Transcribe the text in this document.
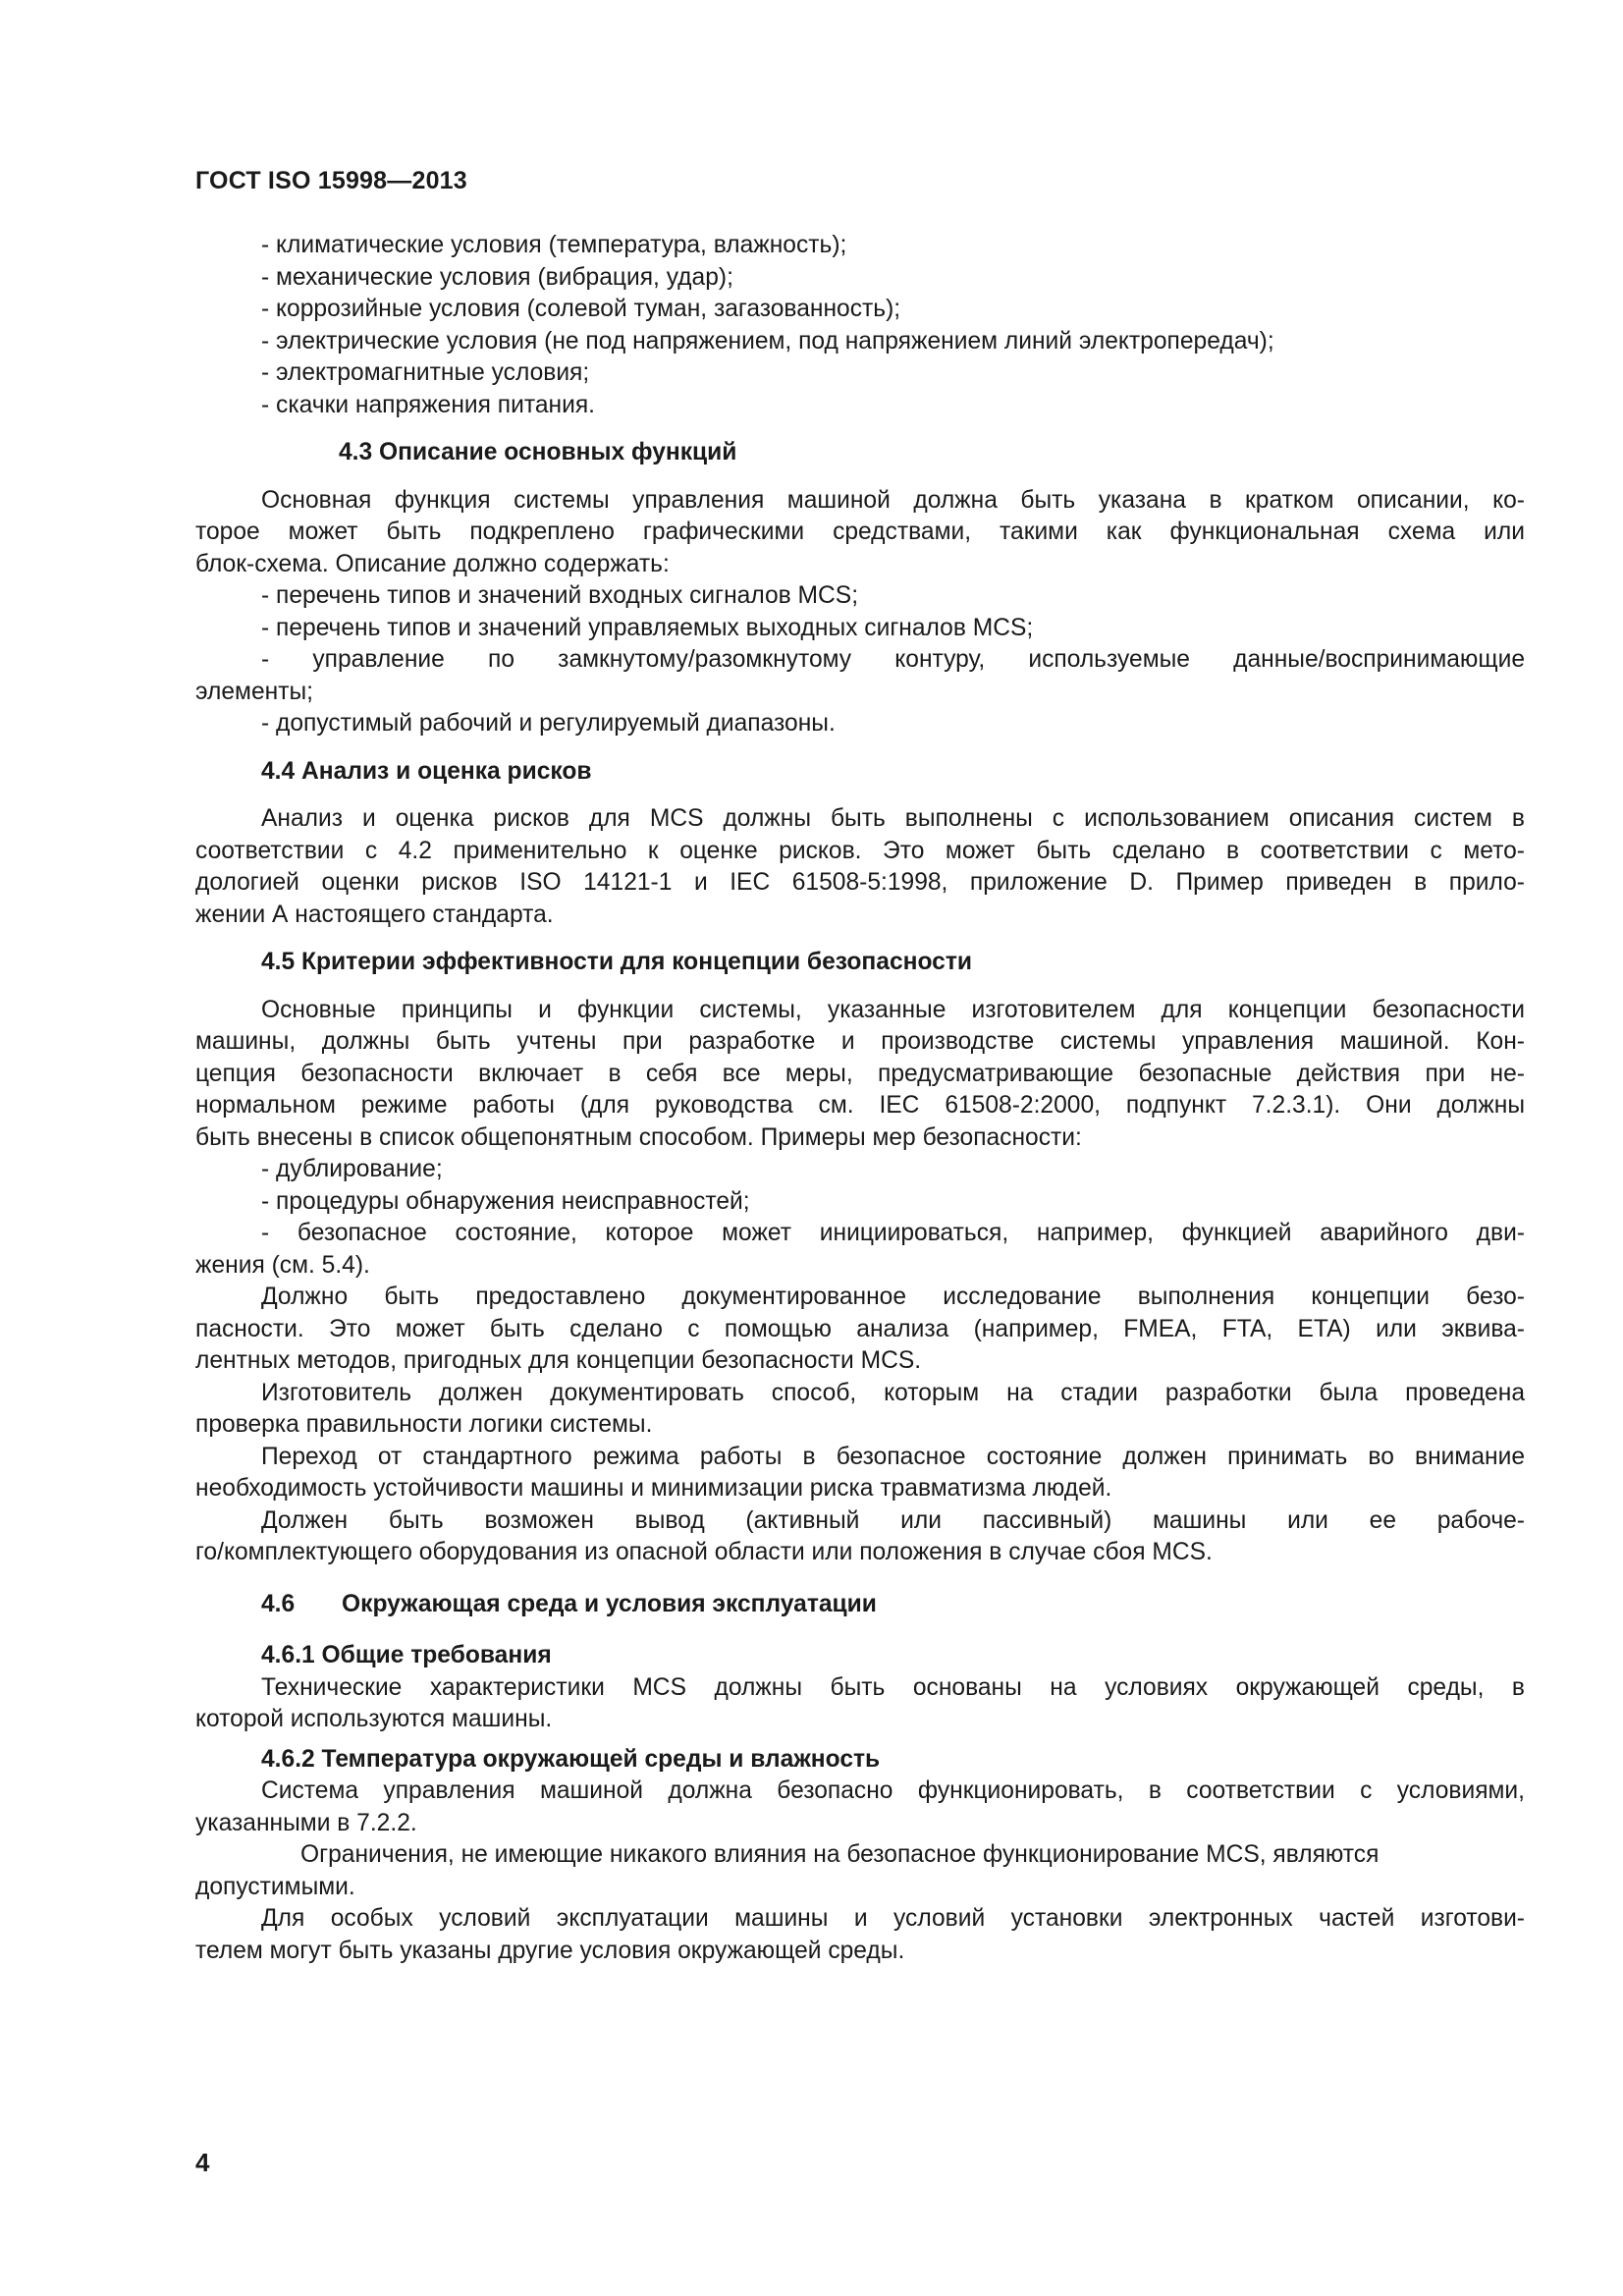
ГОСТ ISO 15998—2013

- климатические условия (температура, влажность);

- механические условия (вибрация, удар);

- коррозийные условия (солевой туман, загазованность);

- электрические условия (не под напряжением, под напряжением линий электропередач);

- электромагнитные условия;

- скачки напряжения питания.

4.3 Описание основных функций

Основная функция системы управления машиной должна быть указана в кратком описании, ко-

торое может быть подкреплено графическими средствами, такими как функциональная схема или

блок-схема. Описание должно содержать:

- перечень типов и значений входных сигналов MCS;

- перечень типов и значений управляемых выходных сигналов MCS;

- управление по замкнутому/разомкнутому контуру, используемые данные/воспринимающие

элементы;

- допустимый рабочий и регулируемый диапазоны.

4.4 Анализ и оценка рисков

Анализ и оценка рисков для MCS должны быть выполнены с использованием описания систем в

соответствии с 4.2 применительно к оценке рисков. Это может быть сделано в соответствии с мето-

дологией оценки рисков ISO 14121-1 и IEC 61508-5:1998, приложение D. Пример приведен в прило-

жении А настоящего стандарта.

4.5 Критерии эффективности для концепции безопасности

Основные принципы и функции системы, указанные изготовителем для концепции безопасности

машины, должны быть учтены при разработке и производстве системы управления машиной. Кон-

цепция безопасности включает в себя все меры, предусматривающие безопасные действия при не-

нормальном режиме работы (для руководства см. IEC 61508-2:2000, подпункт 7.2.3.1). Они должны

быть внесены в список общепонятным способом. Примеры мер безопасности:

- дублирование;

- процедуры обнаружения неисправностей;

- безопасное состояние, которое может инициироваться, например, функцией аварийного дви-

жения (см. 5.4).

Должно быть предоставлено документированное исследование выполнения концепции безо-

пасности. Это может быть сделано с помощью анализа (например, FMEA, FTA, ETA) или эквива-

лентных методов, пригодных для концепции безопасности MCS.

Изготовитель должен документировать способ, которым на стадии разработки была проведена

проверка правильности логики системы.

Переход от стандартного режима работы в безопасное состояние должен принимать во внимание

необходимость устойчивости машины и минимизации риска травматизма людей.

Должен быть возможен вывод (активный или пассивный) машины или ее рабоче-

го/комплектующего оборудования из опасной области или положения в случае сбоя MCS.

4.6 Окружающая среда и условия эксплуатации

4.6.1 Общие требования

Технические характеристики MCS должны быть основаны на условиях окружающей среды, в

которой используются машины.

4.6.2 Температура окружающей среды и влажность

Система управления машиной должна безопасно функционировать, в соответствии с условиями,

указанными в 7.2.2.

Ограничения, не имеющие никакого влияния на безопасное функционирование MCS, являются

допустимыми.

Для особых условий эксплуатации машины и условий установки электронных частей изготови-

телем могут быть указаны другие условия окружающей среды.

4
